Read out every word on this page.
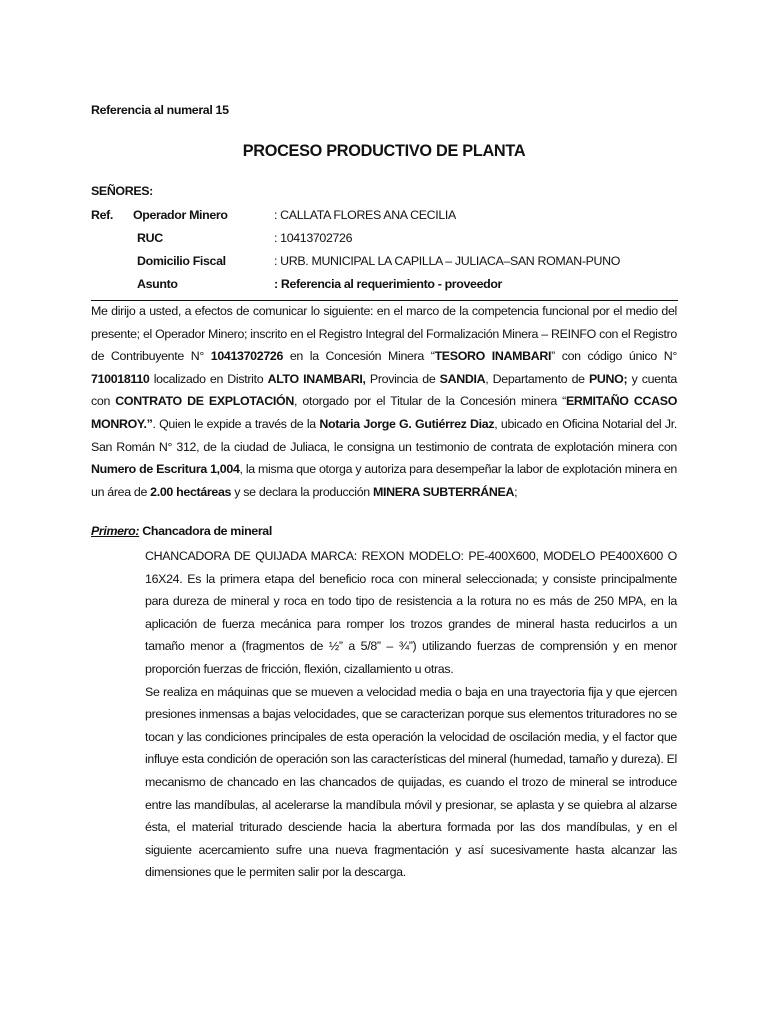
Referencia al numeral 15
PROCESO PRODUCTIVO DE PLANTA
SEÑORES:
Ref. Operador Minero	: CALLATA FLORES ANA CECILIA
RUC	: 10413702726
Domicilio Fiscal	: URB. MUNICIPAL LA CAPILLA – JULIACA–SAN ROMAN-PUNO
Asunto	: Referencia al requerimiento - proveedor
Me dirijo a usted, a efectos de comunicar lo siguiente: en el marco de la competencia funcional por el medio del presente; el Operador Minero; inscrito en el Registro Integral del Formalización Minera – REINFO con el Registro de Contribuyente N° 10413702726 en la Concesión Minera “TESORO INAMBARI” con código único N° 710018110 localizado en Distrito ALTO INAMBARI, Provincia de SANDIA, Departamento de PUNO; y cuenta con CONTRATO DE EXPLOTACIÓN, otorgado por el Titular de la Concesión minera “ERMITAÑO CCASO MONROY.”. Quien le expide a través de la Notaria Jorge G. Gutiérrez Diaz, ubicado en Oficina Notarial del Jr. San Román N° 312, de la ciudad de Juliaca, le consigna un testimonio de contrata de explotación minera con Numero de Escritura 1,004, la misma que otorga y autoriza para desempeñar la labor de explotación minera en un área de 2.00 hectáreas y se declara la producción MINERA SUBTERRÁNEA;
Primero: Chancadora de mineral

CHANCADORA DE QUIJADA MARCA: REXON MODELO: PE-400X600, MODELO PE400X600 O 16X24. Es la primera etapa del beneficio roca con mineral seleccionada; y consiste principalmente para dureza de mineral y roca en todo tipo de resistencia a la rotura no es más de 250 MPA, en la aplicación de fuerza mecánica para romper los trozos grandes de mineral hasta reducirlos a un tamaño menor a (fragmentos de ½” a 5/8” – ¾”) utilizando fuerzas de comprensión y en menor proporción fuerzas de fricción, flexión, cizallamiento u otras.

Se realiza en máquinas que se mueven a velocidad media o baja en una trayectoria fija y que ejercen presiones inmensas a bajas velocidades, que se caracterizan porque sus elementos trituradores no se tocan y las condiciones principales de esta operación la velocidad de oscilación media, y el factor que influye esta condición de operación son las características del mineral (humedad, tamaño y dureza). El mecanismo de chancado en las chancados de quijadas, es cuando el trozo de mineral se introduce entre las mandíbulas, al acelerarse la mandíbula móvil y presionar, se aplasta y se quiebra al alzarse ésta, el material triturado desciende hacia la abertura formada por las dos mandíbulas, y en el siguiente acercamiento sufre una nueva fragmentación y así sucesivamente hasta alcanzar las dimensiones que le permiten salir por la descarga.
